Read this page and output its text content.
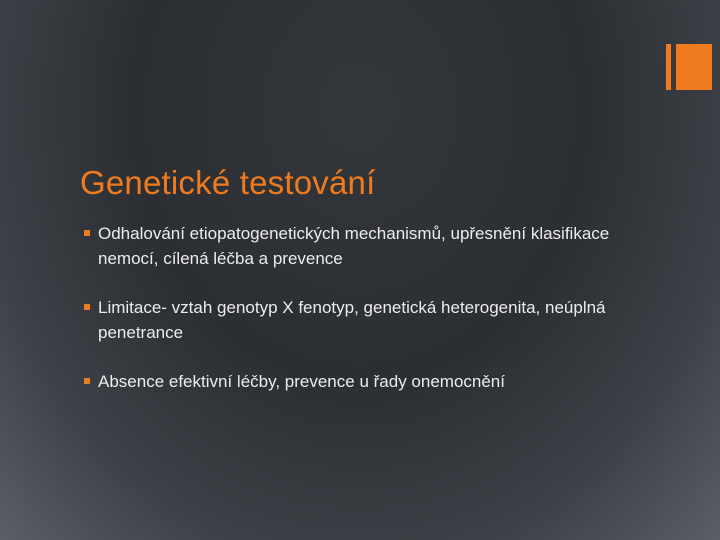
Genetické testování
Odhalování etiopatogenetických mechanismů, upřesnění klasifikace nemocí, cílená léčba a prevence
Limitace- vztah genotyp X fenotyp, genetická heterogenita, neúplná penetrance
Absence efektivní léčby, prevence u řady onemocnění
